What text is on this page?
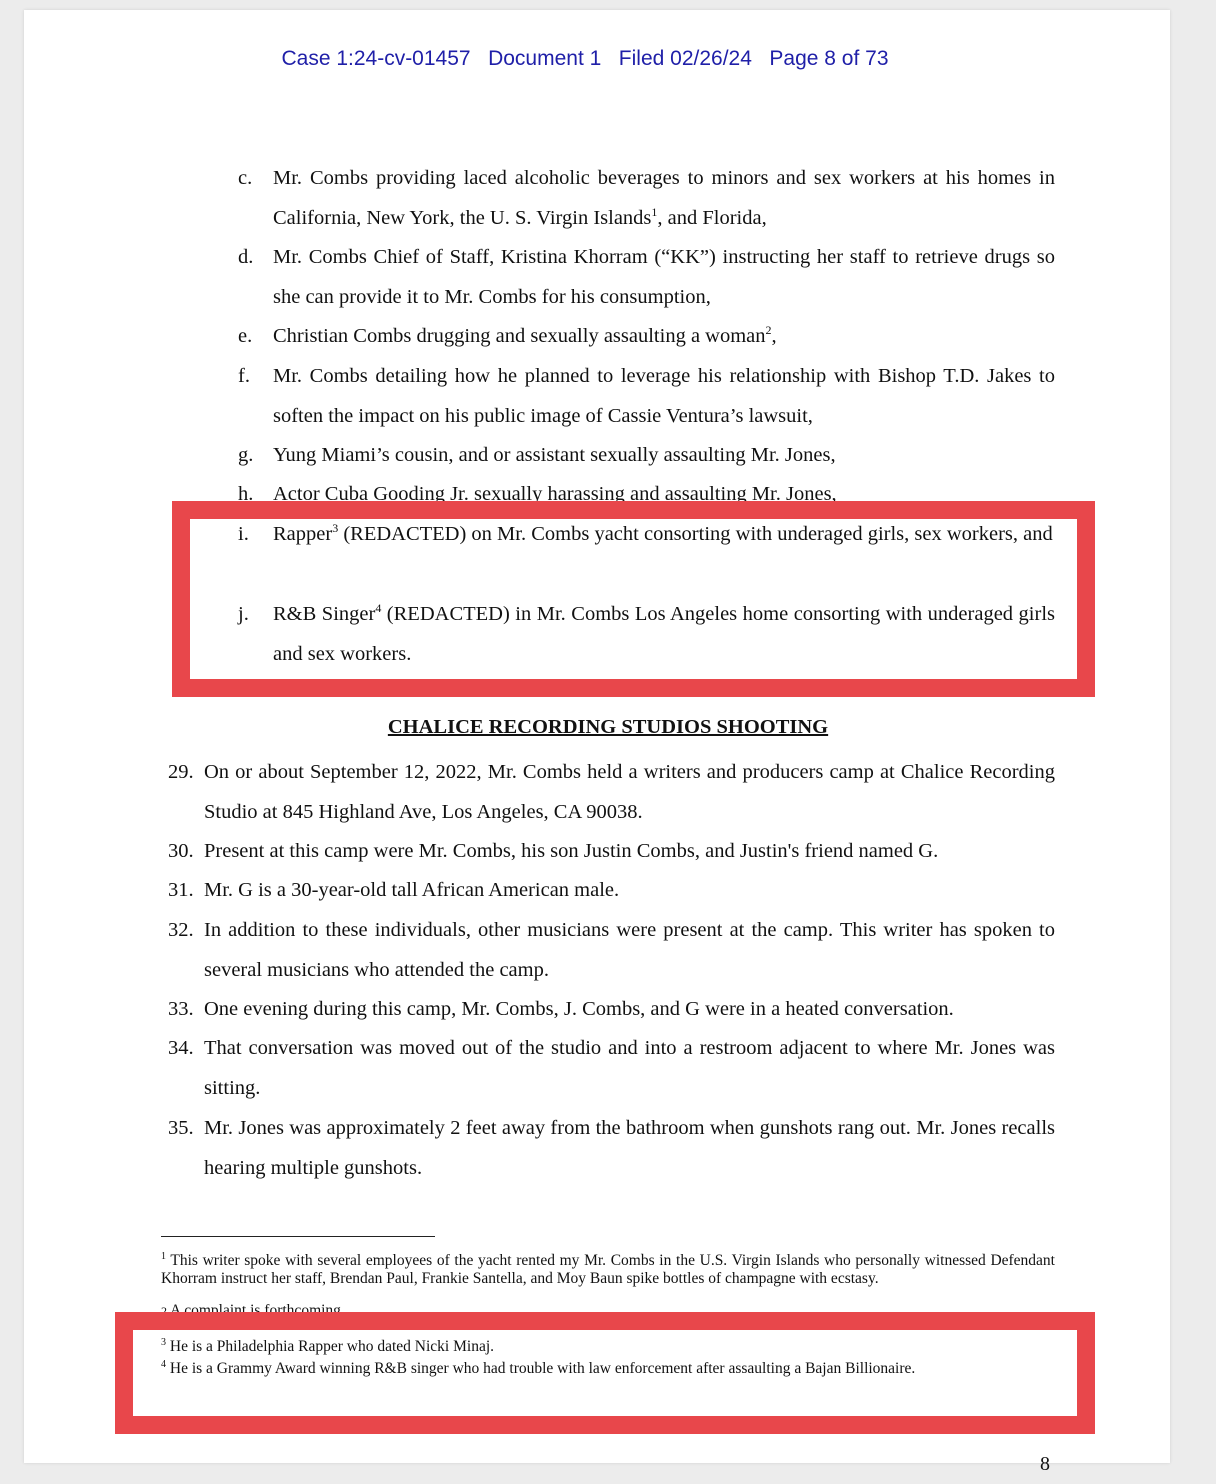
Case 1:24-cv-01457   Document 1   Filed 02/26/24   Page 8 of 73
c. Mr. Combs providing laced alcoholic beverages to minors and sex workers at his homes in California, New York, the U. S. Virgin Islands$^1$, and Florida,
d. Mr. Combs Chief of Staff, Kristina Khorram (“KK”) instructing her staff to retrieve drugs so she can provide it to Mr. Combs for his consumption,
e. Christian Combs drugging and sexually assaulting a woman$^2$,
f. Mr. Combs detailing how he planned to leverage his relationship with Bishop T.D. Jakes to soften the impact on his public image of Cassie Ventura’s lawsuit,
g. Yung Miami’s cousin, and or assistant sexually assaulting Mr. Jones,
h. Actor Cuba Gooding Jr. sexually harassing and assaulting Mr. Jones,
i. Rapper$^3$ (REDACTED) on Mr. Combs yacht consorting with underaged girls, sex workers, and
j. R&B Singer$^4$ (REDACTED) in Mr. Combs Los Angeles home consorting with underaged girls and sex workers.
CHALICE RECORDING STUDIOS SHOOTING
29. On or about September 12, 2022, Mr. Combs held a writers and producers camp at Chalice Recording Studio at 845 Highland Ave, Los Angeles, CA 90038.
30. Present at this camp were Mr. Combs, his son Justin Combs, and Justin's friend named G.
31. Mr. G is a 30-year-old tall African American male.
32. In addition to these individuals, other musicians were present at the camp. This writer has spoken to several musicians who attended the camp.
33. One evening during this camp, Mr. Combs, J. Combs, and G were in a heated conversation.
34. That conversation was moved out of the studio and into a restroom adjacent to where Mr. Jones was sitting.
35. Mr. Jones was approximately 2 feet away from the bathroom when gunshots rang out. Mr. Jones recalls hearing multiple gunshots.
$^1$ This writer spoke with several employees of the yacht rented my Mr. Combs in the U.S. Virgin Islands who personally witnessed Defendant Khorram instruct her staff, Brendan Paul, Frankie Santella, and Moy Baun spike bottles of champagne with ecstasy.
$^2$ A complaint is forthcoming.
$^3$ He is a Philadelphia Rapper who dated Nicki Minaj.
$^4$ He is a Grammy Award winning R&B singer who had trouble with law enforcement after assaulting a Bajan Billionaire.
8
